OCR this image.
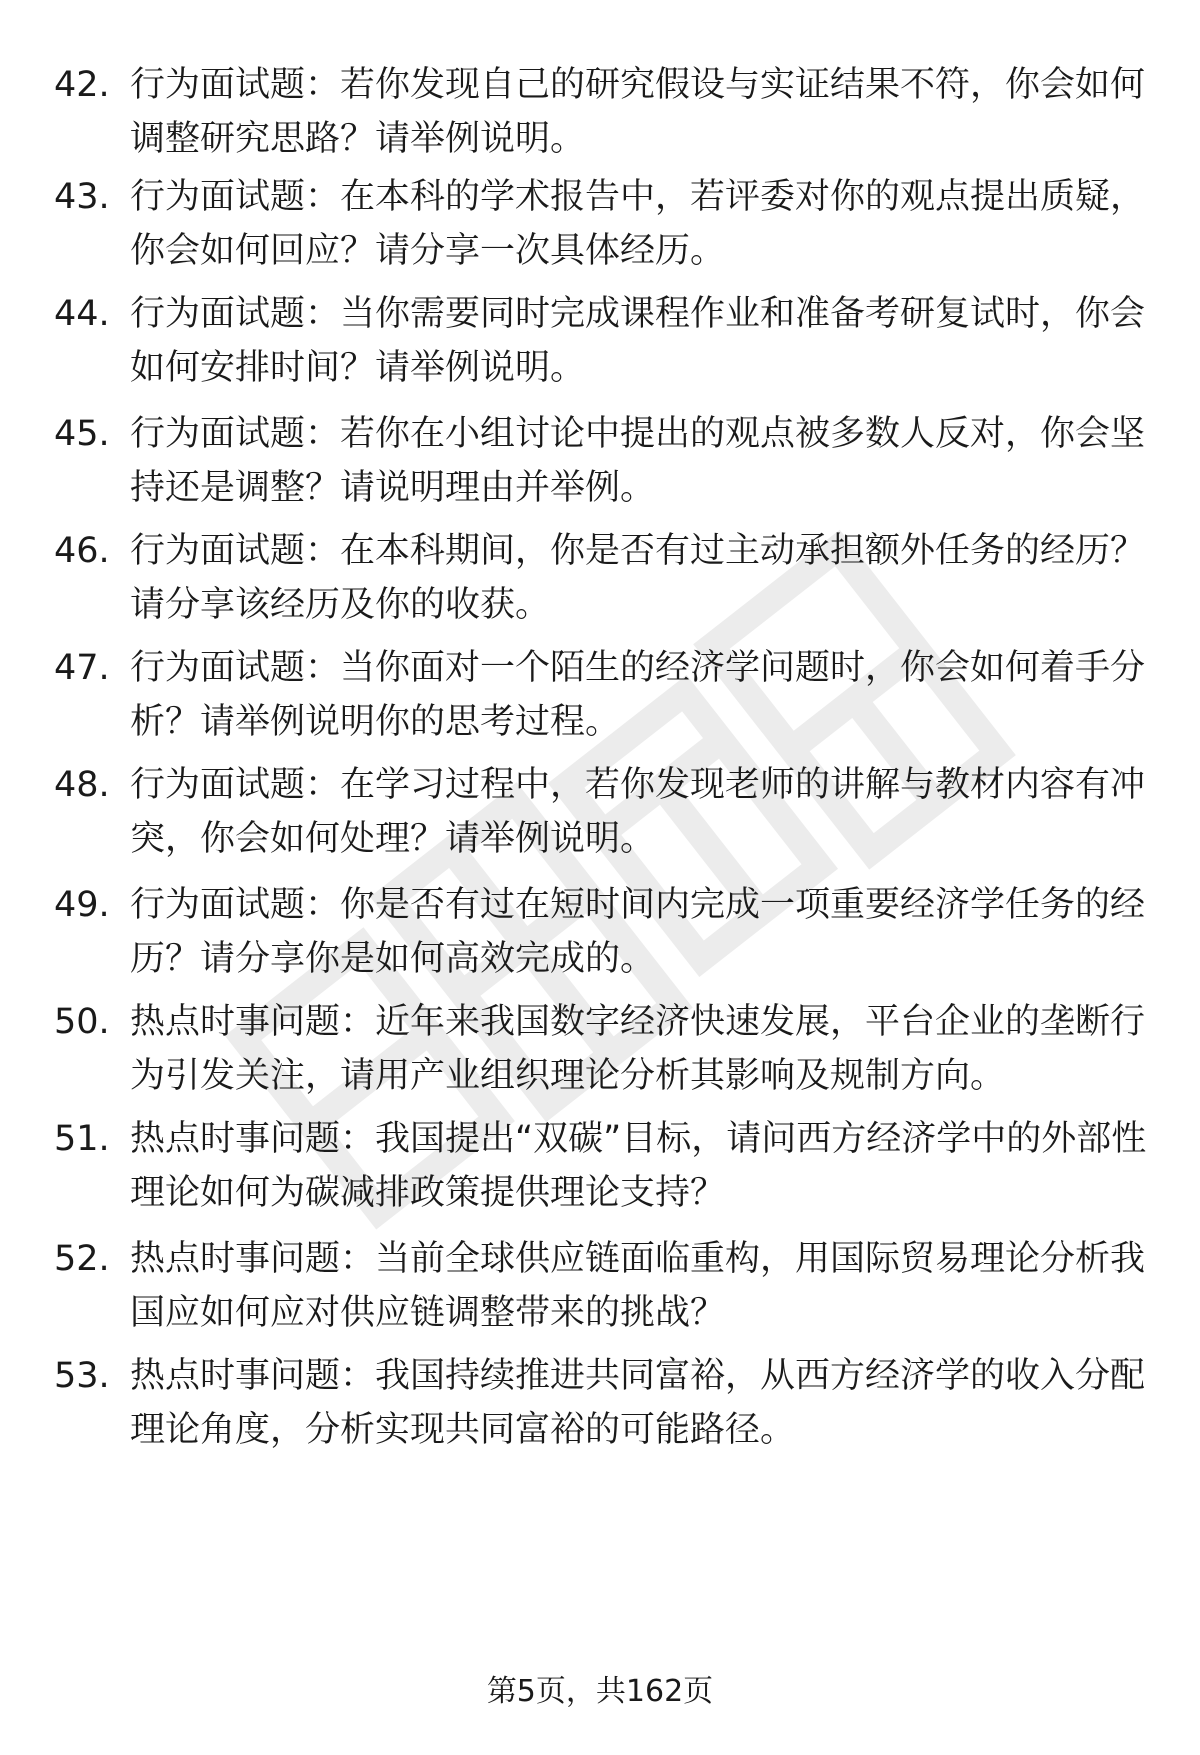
42. 行为面试题：若你发现自己的研究假设与实证结果不符，你会如何调整研究思路？请举例说明。
43. 行为面试题：在本科的学术报告中，若评委对你的观点提出质疑，你会如何回应？请分享一次具体经历。
44. 行为面试题：当你需要同时完成课程作业和准备考研复试时，你会如何安排时间？请举例说明。
45. 行为面试题：若你在小组讨论中提出的观点被多数人反对，你会坚持还是调整？请说明理由并举例。
46. 行为面试题：在本科期间，你是否有过主动承担额外任务的经历？请分享该经历及你的收获。
47. 行为面试题：当你面对一个陌生的经济学问题时，你会如何着手分析？请举例说明你的思考过程。
48. 行为面试题：在学习过程中，若你发现老师的讲解与教材内容有冲突，你会如何处理？请举例说明。
49. 行为面试题：你是否有过在短时间内完成一项重要经济学任务的经历？请分享你是如何高效完成的。
50. 热点时事问题：近年来我国数字经济快速发展，平台企业的垄断行为引发关注，请用产业组织理论分析其影响及规制方向。
51. 热点时事问题：我国提出“双碳”目标，请问西方经济学中的外部性理论如何为碳减排政策提供理论支持？
52. 热点时事问题：当前全球供应链面临重构，用国际贸易理论分析我国应如何应对供应链调整带来的挑战？
53. 热点时事问题：我国持续推进共同富裕，从西方经济学的收入分配理论角度，分析实现共同富裕的可能路径。
第5页，共162页
